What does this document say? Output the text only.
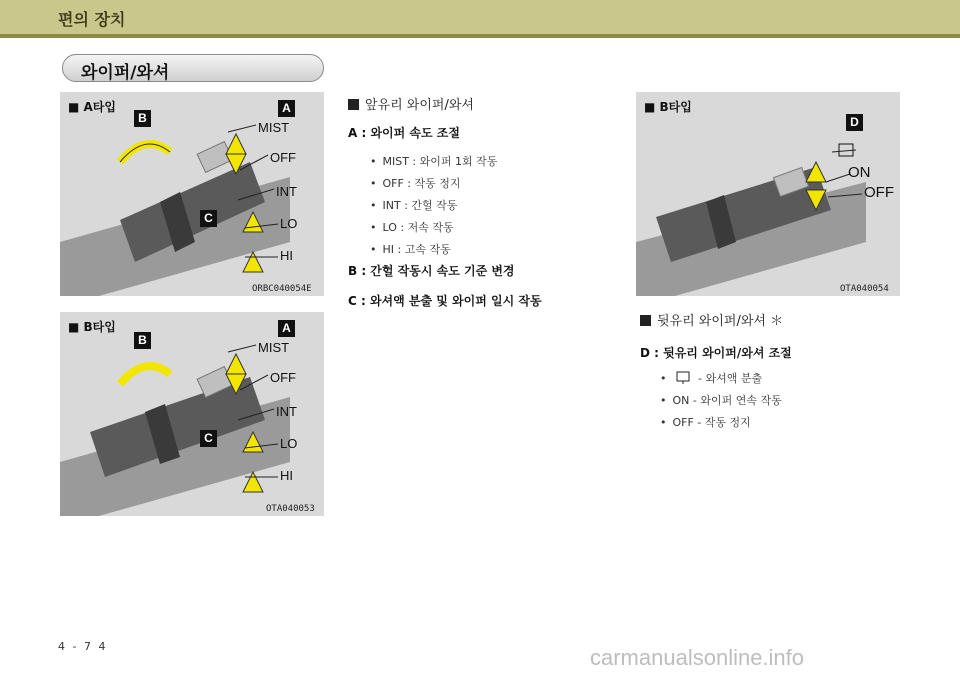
편의 장치
와이퍼/와셔
■ A타입	A
B
C
MIST
OFF
INT
LO
HI
ORBC040054E
■ B타입	A
B
C
MIST
OFF
INT
LO
HI
OTA040053
■ B타입
D
ON
OFF
OTA040054
앞유리 와이퍼/와셔
A : 와이퍼 속도 조절
• MIST : 와이퍼 1회 작동
• OFF : 작동 정지
• INT : 간헐 작동
• LO : 저속 작동
• HI : 고속 작동
B : 간헐 작동시 속도 기준 변경
C : 와셔액 분출 및 와이퍼 일시 작동
뒷유리 와이퍼/와셔 ＊
D : 뒷유리 와이퍼/와셔 조절
•	- 와셔액 분출
• ON - 와이퍼 연속 작동
• OFF - 작동 정지
4 - 7 4	carmanualsonline.info
